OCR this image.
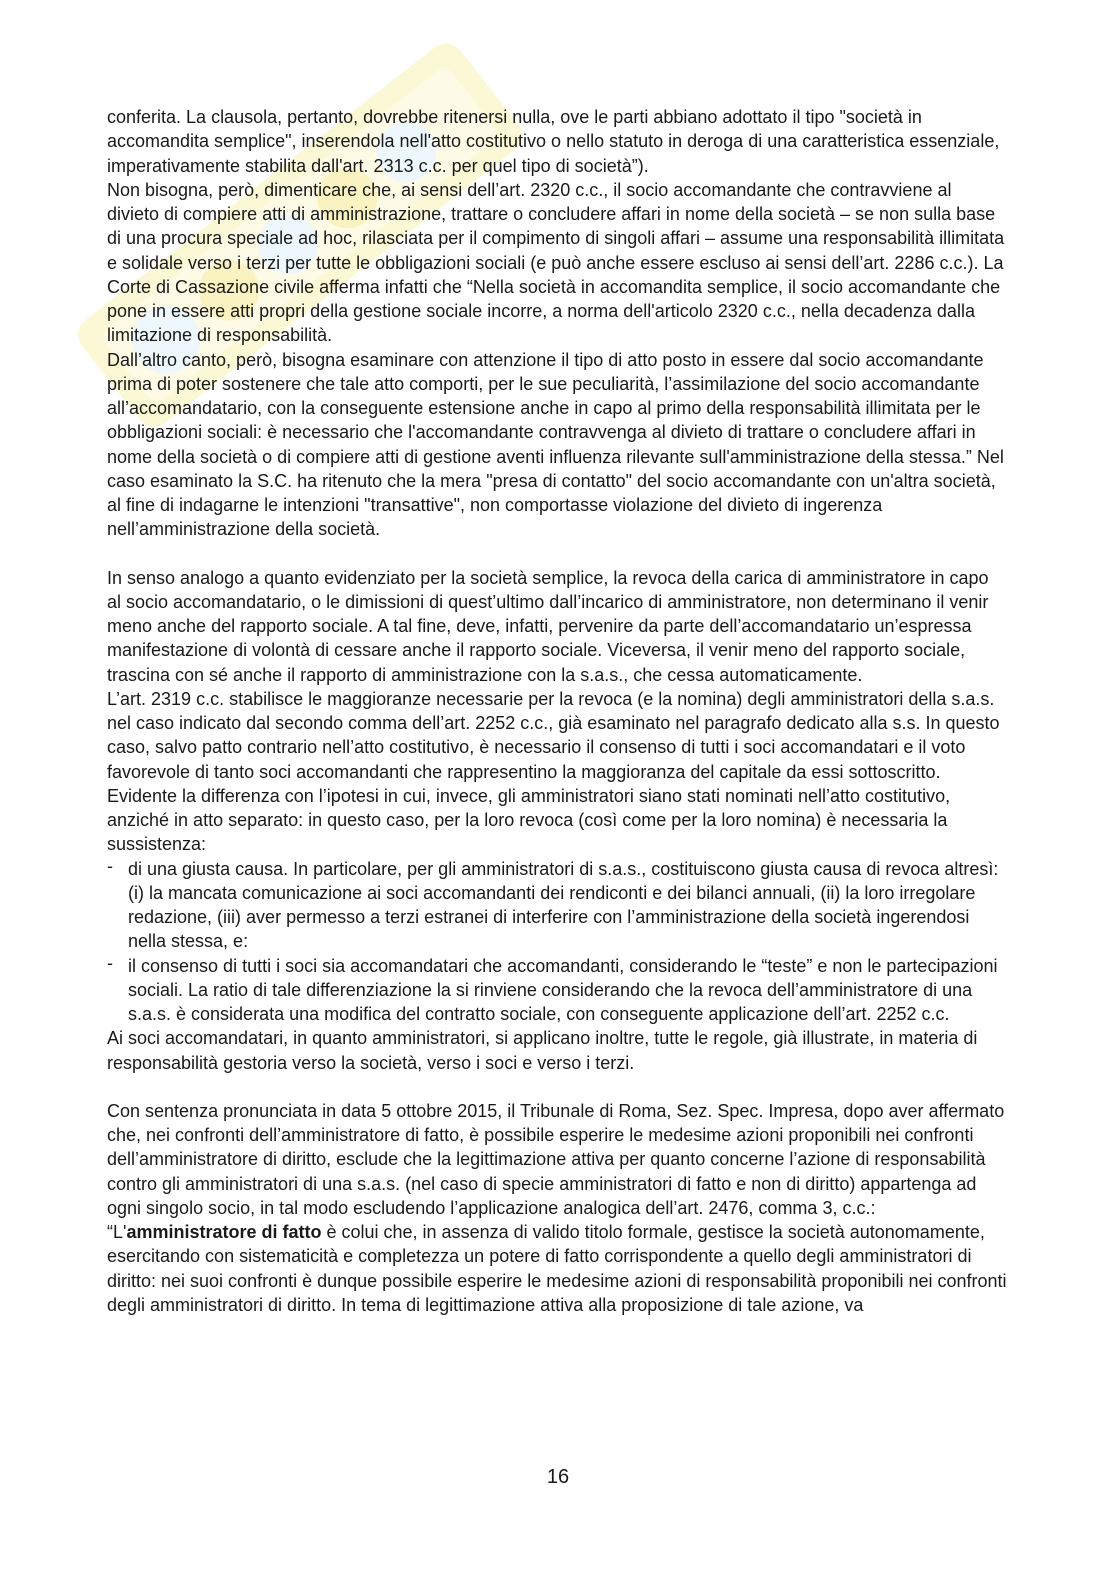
conferita. La clausola, pertanto, dovrebbe ritenersi nulla, ove le parti abbiano adottato il tipo "società in accomandita semplice", inserendola nell'atto costitutivo o nello statuto in deroga di una caratteristica essenziale, imperativamente stabilita dall'art. 2313 c.c. per quel tipo di società”).

Non bisogna, però, dimenticare che, ai sensi dell’art. 2320 c.c., il socio accomandante che contravviene al divieto di compiere atti di amministrazione, trattare o concludere affari in nome della società – se non sulla base di una procura speciale ad hoc, rilasciata per il compimento di singoli affari – assume una responsabilità illimitata e solidale verso i terzi per tutte le obbligazioni sociali (e può anche essere escluso ai sensi dell’art. 2286 c.c.). La Corte di Cassazione civile afferma infatti che “Nella società in accomandita semplice, il socio accomandante che pone in essere atti propri della gestione sociale incorre, a norma dell'articolo 2320 c.c., nella decadenza dalla limitazione di responsabilità.

Dall’altro canto, però, bisogna esaminare con attenzione il tipo di atto posto in essere dal socio accomandante prima di poter sostenere che tale atto comporti, per le sue peculiarità, l’assimilazione del socio accomandante all’accomandatario, con la conseguente estensione anche in capo al primo della responsabilità illimitata per le obbligazioni sociali: è necessario che l'accomandante contravvenga al divieto di trattare o concludere affari in nome della società o di compiere atti di gestione aventi influenza rilevante sull'amministrazione della stessa.” Nel caso esaminato la S.C. ha ritenuto che la mera "presa di contatto" del socio accomandante con un'altra società, al fine di indagarne le intenzioni "transattive", non comportasse violazione del divieto di ingerenza nell’amministrazione della società.

In senso analogo a quanto evidenziato per la società semplice, la revoca della carica di amministratore in capo al socio accomandatario, o le dimissioni di quest’ultimo dall’incarico di amministratore, non determinano il venir meno anche del rapporto sociale. A tal fine, deve, infatti, pervenire da parte dell’accomandatario un’espressa manifestazione di volontà di cessare anche il rapporto sociale. Viceversa, il venir meno del rapporto sociale, trascina con sé anche il rapporto di amministrazione con la s.a.s., che cessa automaticamente.

L’art. 2319 c.c. stabilisce le maggioranze necessarie per la revoca (e la nomina) degli amministratori della s.a.s. nel caso indicato dal secondo comma dell’art. 2252 c.c., già esaminato nel paragrafo dedicato alla s.s. In questo caso, salvo patto contrario nell’atto costitutivo, è necessario il consenso di tutti i soci accomandatari e il voto favorevole di tanto soci accomandanti che rappresentino la maggioranza del capitale da essi sottoscritto.

Evidente la differenza con l’ipotesi in cui, invece, gli amministratori siano stati nominati nell’atto costitutivo, anziché in atto separato: in questo caso, per la loro revoca (così come per la loro nomina) è necessaria la sussistenza:

- di una giusta causa. In particolare, per gli amministratori di s.a.s., costituiscono giusta causa di revoca altresì: (i) la mancata comunicazione ai soci accomandanti dei rendiconti e dei bilanci annuali, (ii) la loro irregolare redazione, (iii) aver permesso a terzi estranei di interferire con l’amministrazione della società ingerendosi nella stessa, e:
- il consenso di tutti i soci sia accomandatari che accomandanti, considerando le “teste” e non le partecipazioni sociali. La ratio di tale differenziazione la si rinviene considerando che la revoca dell’amministratore di una s.a.s. è considerata una modifica del contratto sociale, con conseguente applicazione dell’art. 2252 c.c.

Ai soci accomandatari, in quanto amministratori, si applicano inoltre, tutte le regole, già illustrate, in materia di responsabilità gestoria verso la società, verso i soci e verso i terzi.

Con sentenza pronunciata in data 5 ottobre 2015, il Tribunale di Roma, Sez. Spec. Impresa, dopo aver affermato che, nei confronti dell’amministratore di fatto, è possibile esperire le medesime azioni proponibili nei confronti dell’amministratore di diritto, esclude che la legittimazione attiva per quanto concerne l’azione di responsabilità contro gli amministratori di una s.a.s. (nel caso di specie amministratori di fatto e non di diritto) appartenga ad ogni singolo socio, in tal modo escludendo l’applicazione analogica dell’art. 2476, comma 3, c.c.: “L'amministratore di fatto è colui che, in assenza di valido titolo formale, gestisce la società autonomamente, esercitando con sistematicità e completezza un potere di fatto corrispondente a quello degli amministratori di diritto: nei suoi confronti è dunque possibile esperire le medesime azioni di responsabilità proponibili nei confronti degli amministratori di diritto. In tema di legittimazione attiva alla proposizione di tale azione, va

16
